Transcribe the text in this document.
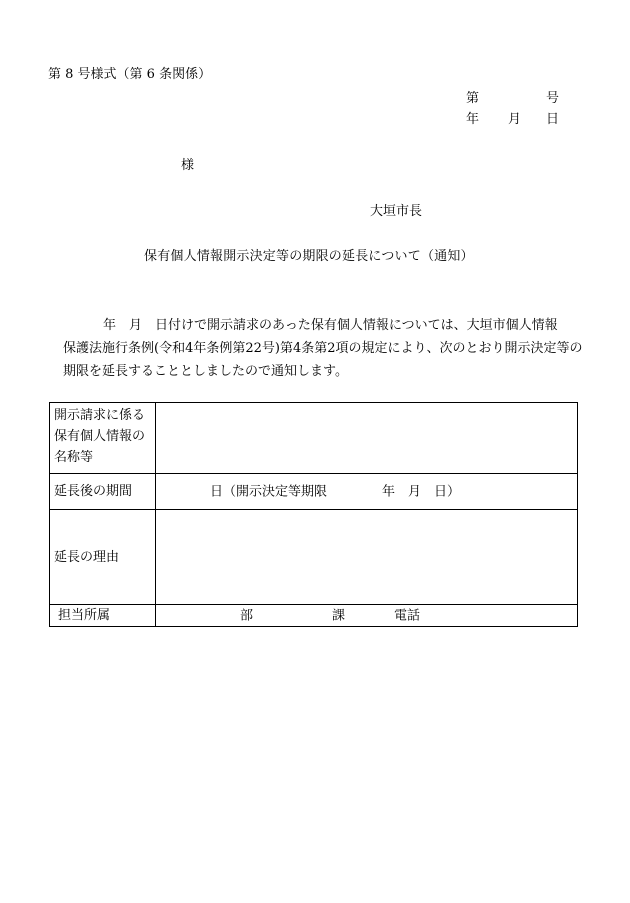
第 8 号様式（第 6 条関係）
第	号
年 月 日
様
大垣市長
保有個人情報開示決定等の期限の延長について（通知）
年　月　日付けで開示請求のあった保有個人情報については、大垣市個人情報
保護法施行条例(令和4年条例第22号)第4条第2項の規定により、次のとおり開示決定等の
期限を延長することとしましたので通知します。
開示請求に係る
保有個人情報の
名称等	

延長後の期間	日（開示決定等期限 年　月　日）

延長の理由	
担当所属	部 課 電話
